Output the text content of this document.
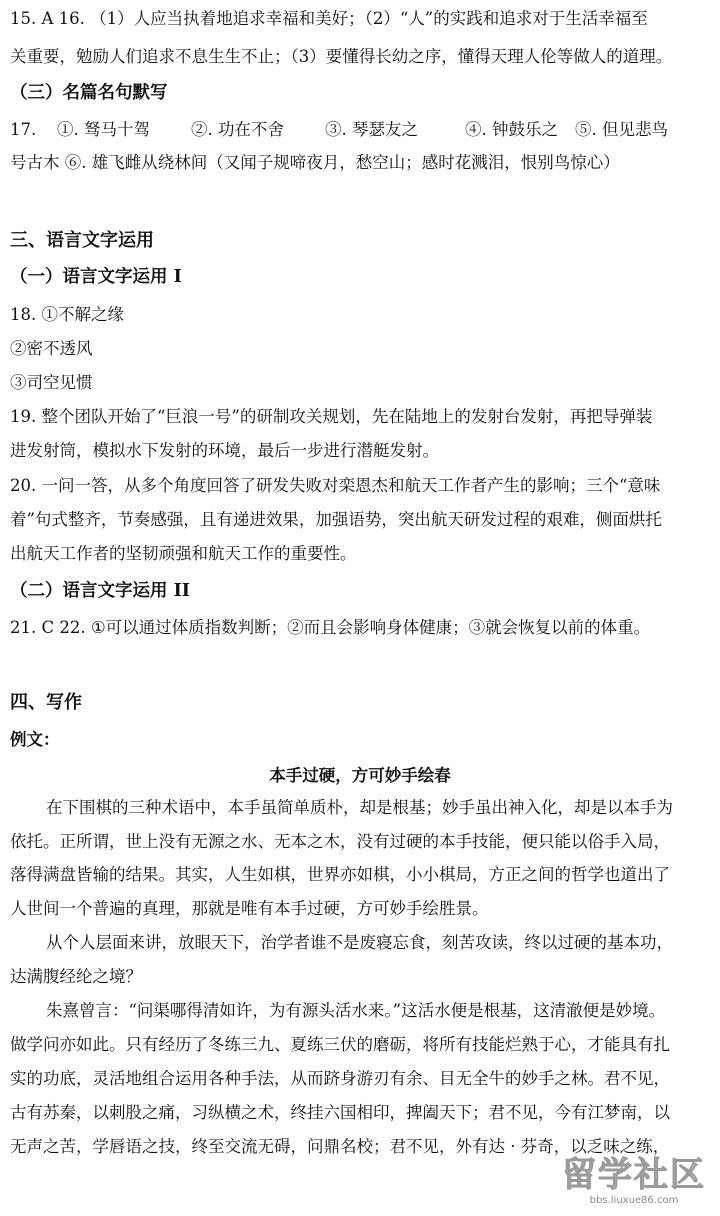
15. A 16. （1）人应当执着地追求幸福和美好；（2）“人”的实践和追求对于生活幸福至
关重要，勉励人们追求不息生生不止；（3）要懂得长幼之序，懂得天理人伦等做人的道理。
（三）名篇名句默写
17. ①. 驽马十驾 ②. 功在不舍 ③. 琴瑟友之	④. 钟鼓乐之 ⑤. 但见悲鸟
号古木 ⑥. 雄飞雌从绕林间（又闻子规啼夜月，愁空山；感时花溅泪，恨别鸟惊心）
三、语言文字运用
（一）语言文字运用 I
18. ①不解之缘
②密不透风
③司空见惯
19. 整个团队开始了“巨浪一号”的研制攻关规划，先在陆地上的发射台发射，再把导弹装
进发射筒，模拟水下发射的环境，最后一步进行潜艇发射。
20. 一问一答，从多个角度回答了研发失败对栾恩杰和航天工作者产生的影响；三个“意味
着”句式整齐，节奏感强，且有递进效果，加强语势，突出航天研发过程的艰难，侧面烘托
出航天工作者的坚韧顽强和航天工作的重要性。
（二）语言文字运用 II
21. C 22. ①可以通过体质指数判断；②而且会影响身体健康；③就会恢复以前的体重。
四、写作
例文：
本手过硬，方可妙手绘春
在下围棋的三种术语中，本手虽简单质朴，却是根基；妙手虽出神入化，却是以本手为
依托。正所谓，世上没有无源之水、无本之木，没有过硬的本手技能，便只能以俗手入局，
落得满盘皆输的结果。其实，人生如棋，世界亦如棋，小小棋局，方正之间的哲学也道出了
人世间一个普遍的真理，那就是唯有本手过硬，方可妙手绘胜景。
从个人层面来讲，放眼天下，治学者谁不是废寝忘食，刻苦攻读，终以过硬的基本功，
达满腹经纶之境？
朱熹曾言：“问渠哪得清如许，为有源头活水来。”这活水便是根基，这清澈便是妙境。
做学问亦如此。只有经历了冬练三九、夏练三伏的磨砺，将所有技能烂熟于心，才能具有扎
实的功底，灵活地组合运用各种手法，从而跻身游刃有余、目无全牛的妙手之林。君不见，
古有苏秦，以刺股之痛，习纵横之术，终挂六国相印，捭阖天下；君不见，今有江梦南，以
无声之苦，学唇语之技，终至交流无碍，问鼎名校；君不见，外有达 · 芬奇，以乏味之练，
留学社区
bbs.liuxue86.com
